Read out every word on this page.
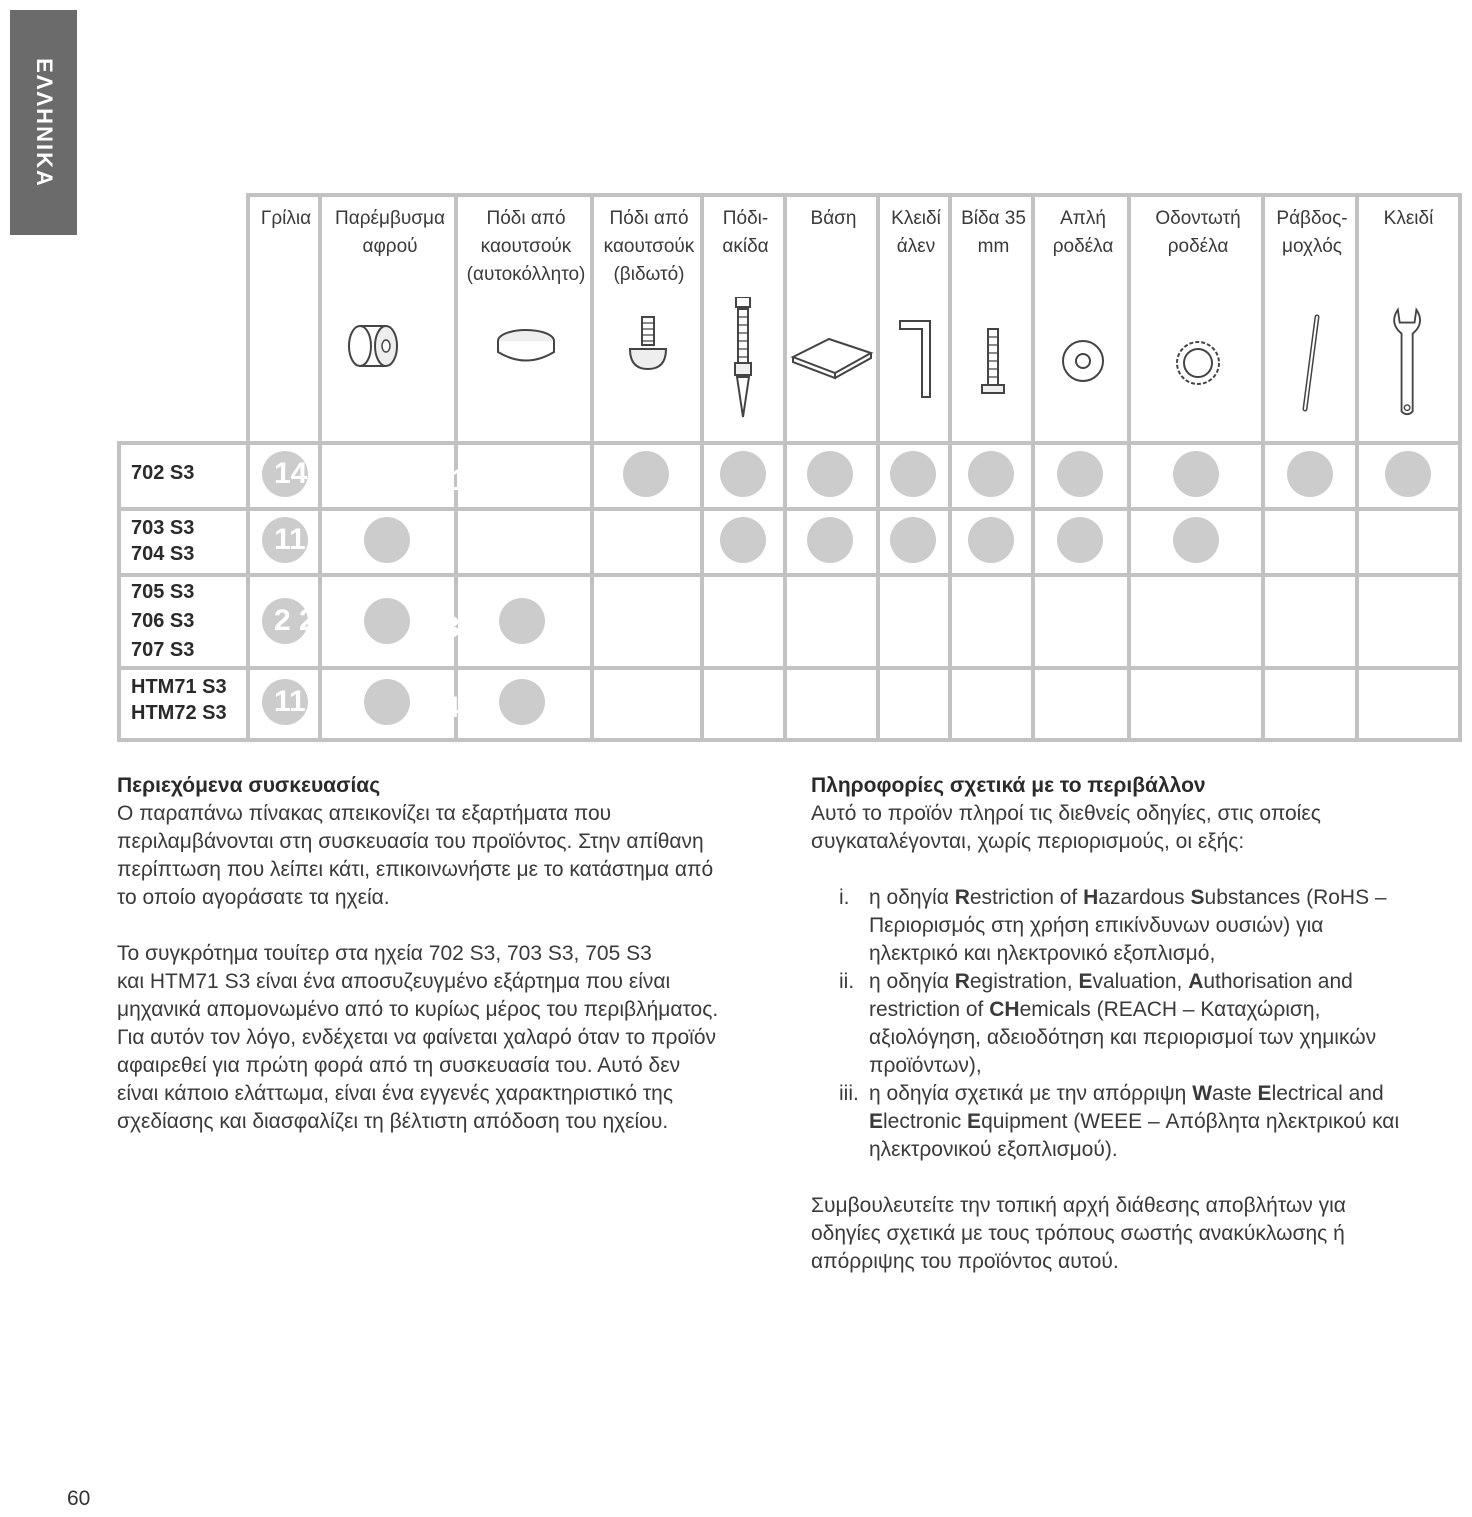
ΕΛΛΗΝΙΚΑ
Γρίλια	Παρέμβυσμα
αφρού
Πόδι από
καουτσούκ
(αυτοκόλλητο)
Πόδι από
καουτσούκ
(βιδωτό)
Πόδι-
ακίδα
Βάση	Κλειδί
άλεν
Βίδα 35
mm
Απλή
ροδέλα
Οδοντωτή
ροδέλα
Ράβδος-
μοχλός
Κλειδί
702 S3
703 S3
704 S3
705 S3
706 S3
707 S3
HTM71 S3
HTM72 S3
14
11
2 2
11
1
4
14
3
Περιεχόμενα συσκευασίας

Ο παραπάνω πίνακας απεικονίζει τα εξαρτήματα που

περιλαμβάνονται στη συσκευασία του προϊόντος. Στην απίθανη

περίπτωση που λείπει κάτι, επικοινωνήστε με το κατάστημα από

το οποίο αγοράσατε τα ηχεία.

Το συγκρότημα τουίτερ στα ηχεία 702 S3, 703 S3, 705 S3

και HTM71 S3 είναι ένα αποσυζευγμένο εξάρτημα που είναι

μηχανικά απομονωμένο από το κυρίως μέρος του περιβλήματος.

Για αυτόν τον λόγο, ενδέχεται να φαίνεται χαλαρό όταν το προϊόν

αφαιρεθεί για πρώτη φορά από τη συσκευασία του. Αυτό δεν

είναι κάποιο ελάττωμα, είναι ένα εγγενές χαρακτηριστικό της

σχεδίασης και διασφαλίζει τη βέλτιστη απόδοση του ηχείου.

Πληροφορίες σχετικά με το περιβάλλον

Αυτό το προϊόν πληροί τις διεθνείς οδηγίες, στις οποίες

συγκαταλέγονται, χωρίς περιορισμούς, οι εξής:

i. η οδηγία Restriction of Hazardous Substances (RoHS –

Περιορισμός στη χρήση επικίνδυνων ουσιών) για

ηλεκτρικό και ηλεκτρονικό εξοπλισμό,

ii. η οδηγία Registration, Evaluation, Authorisation and

restriction of CHemicals (REACH – Καταχώριση,

αξιολόγηση, αδειοδότηση και περιορισμοί των χημικών

προϊόντων),

iii. η οδηγία σχετικά με την απόρριψη Waste Electrical and

Electronic Equipment (WEEE – Απόβλητα ηλεκτρικού και

ηλεκτρονικού εξοπλισμού).

Συμβουλευτείτε την τοπική αρχή διάθεσης αποβλήτων για

οδηγίες σχετικά με τους τρόπους σωστής ανακύκλωσης ή

απόρριψης του προϊόντος αυτού.

60
